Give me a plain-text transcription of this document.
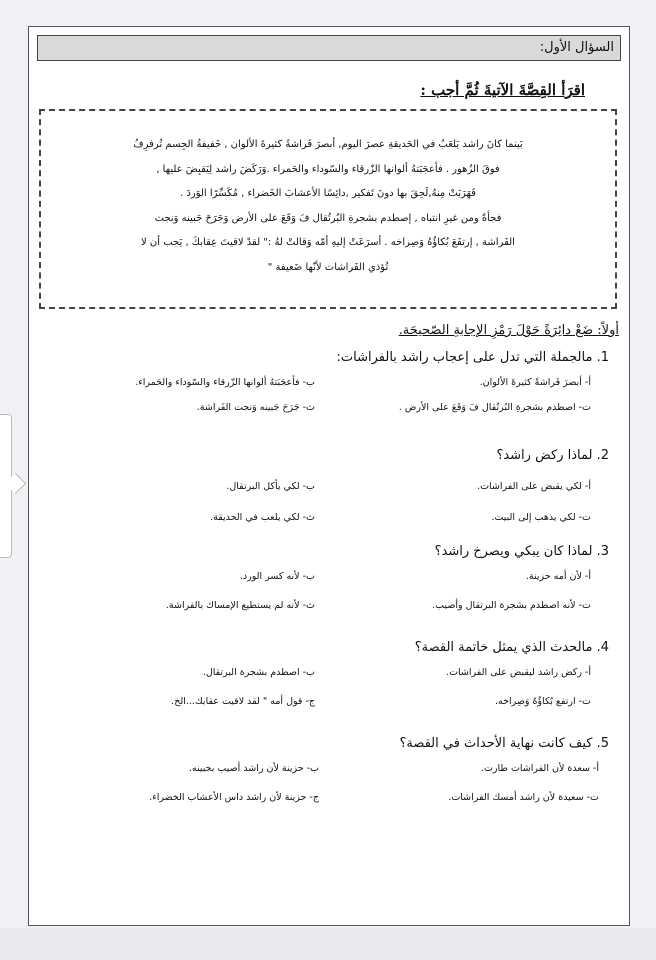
السؤال الأول:
اقرَأ القِصَّةَ الآتيةَ ثُمَّ أجب :
بَينما كانَ راشد يَلعَبُ في الحَديقةِ عصرَ اليوم, أبصرَ فَراشةً كثيرةَ الألوان , خَفيفةُ الجِسم تُرفرِفُ
فوقَ الزُهور . فأعجَبَتهُ ألوانها الزّرقاء والسّوداء والحَمراء .وَرَكَضَ راشد لِيَقبِضَ عليها ,
فَهَرَبَتْ مِنهُ,لَحِقَ بها دونَ تَفكير ,دائِسًا الأعشابَ الخَضراء , مُكَسِّرًا الوَردَ .
فجأةً ومن غيرِ انتباه , إصطدم بشجرةِ البُرتُقال فَ وَقَعَ على الأرض وَجَرَحَ جَبينه وَنجت
الفَراشة , إرتفَعَ بُكاؤُهُ وَصِراخه . أسرَعَتْ إليهِ أمّه وَقالتْ لهُ :" لقدْ لاقيتَ عِقابكَ , يَجب أن لا
تُؤذي الفَراشات لأنّها ضَعيفة "
أولاً: ضَعْ دائِرَةً حَوْلَ رَمْزِ الإجابةِ الصّحيحَة.
1. مالجملة التي تدل على إعجاب راشد بالفراشات:
أ- أبصرَ فَراشةً كثيرةَ الألوان.
ب- فأعجَبَتهُ ألوانها الزّرقاء والسّوداء والحَمراء.
ت- اصطدم بشجرةِ البُرتُقال فَ وَقَعَ على الأرض .
ث- جَرَحَ جَبينه وَنجت الفَراشة.
2. لماذا ركض راشد؟
أ- لكي يقبض على الفراشات.
ب- لكي يأكل البرتقال.
ت- لكي يذهب إلى البيت.
ث- لكي يلعب في الحديقة.
3. لماذا كان يبكي ويصرخ راشد؟
أ- لأن أمه حزينة.
ب- لأنه كسر الورد.
ت- لأنه اصطدم بشجرة البرتقال وأصيب.
ث- لأنه لم يستطيع الإمساك بالفراشة.
4. مالحدث الذي يمثل خاتمة القصة؟
أ- ركض راشد ليقبض على الفراشات.
ب- اصطدم بشجرة البرتقال.
ت- ارتفع بُكاؤُهُ وَصِراخه.
ج- قول أمه " لقد لاقيت عقابك...الخ.
5. كيف كانت نهاية الأحداث في القصة؟
أ- سعدة لأن الفراشات طارت.
ب- حزينة لأن راشد أصيب بجبينه.
ت- سعيدة لأن راشد أمسك الفراشات.
ج- حزينة لأن راشد داس الأعشاب الخضراء.
